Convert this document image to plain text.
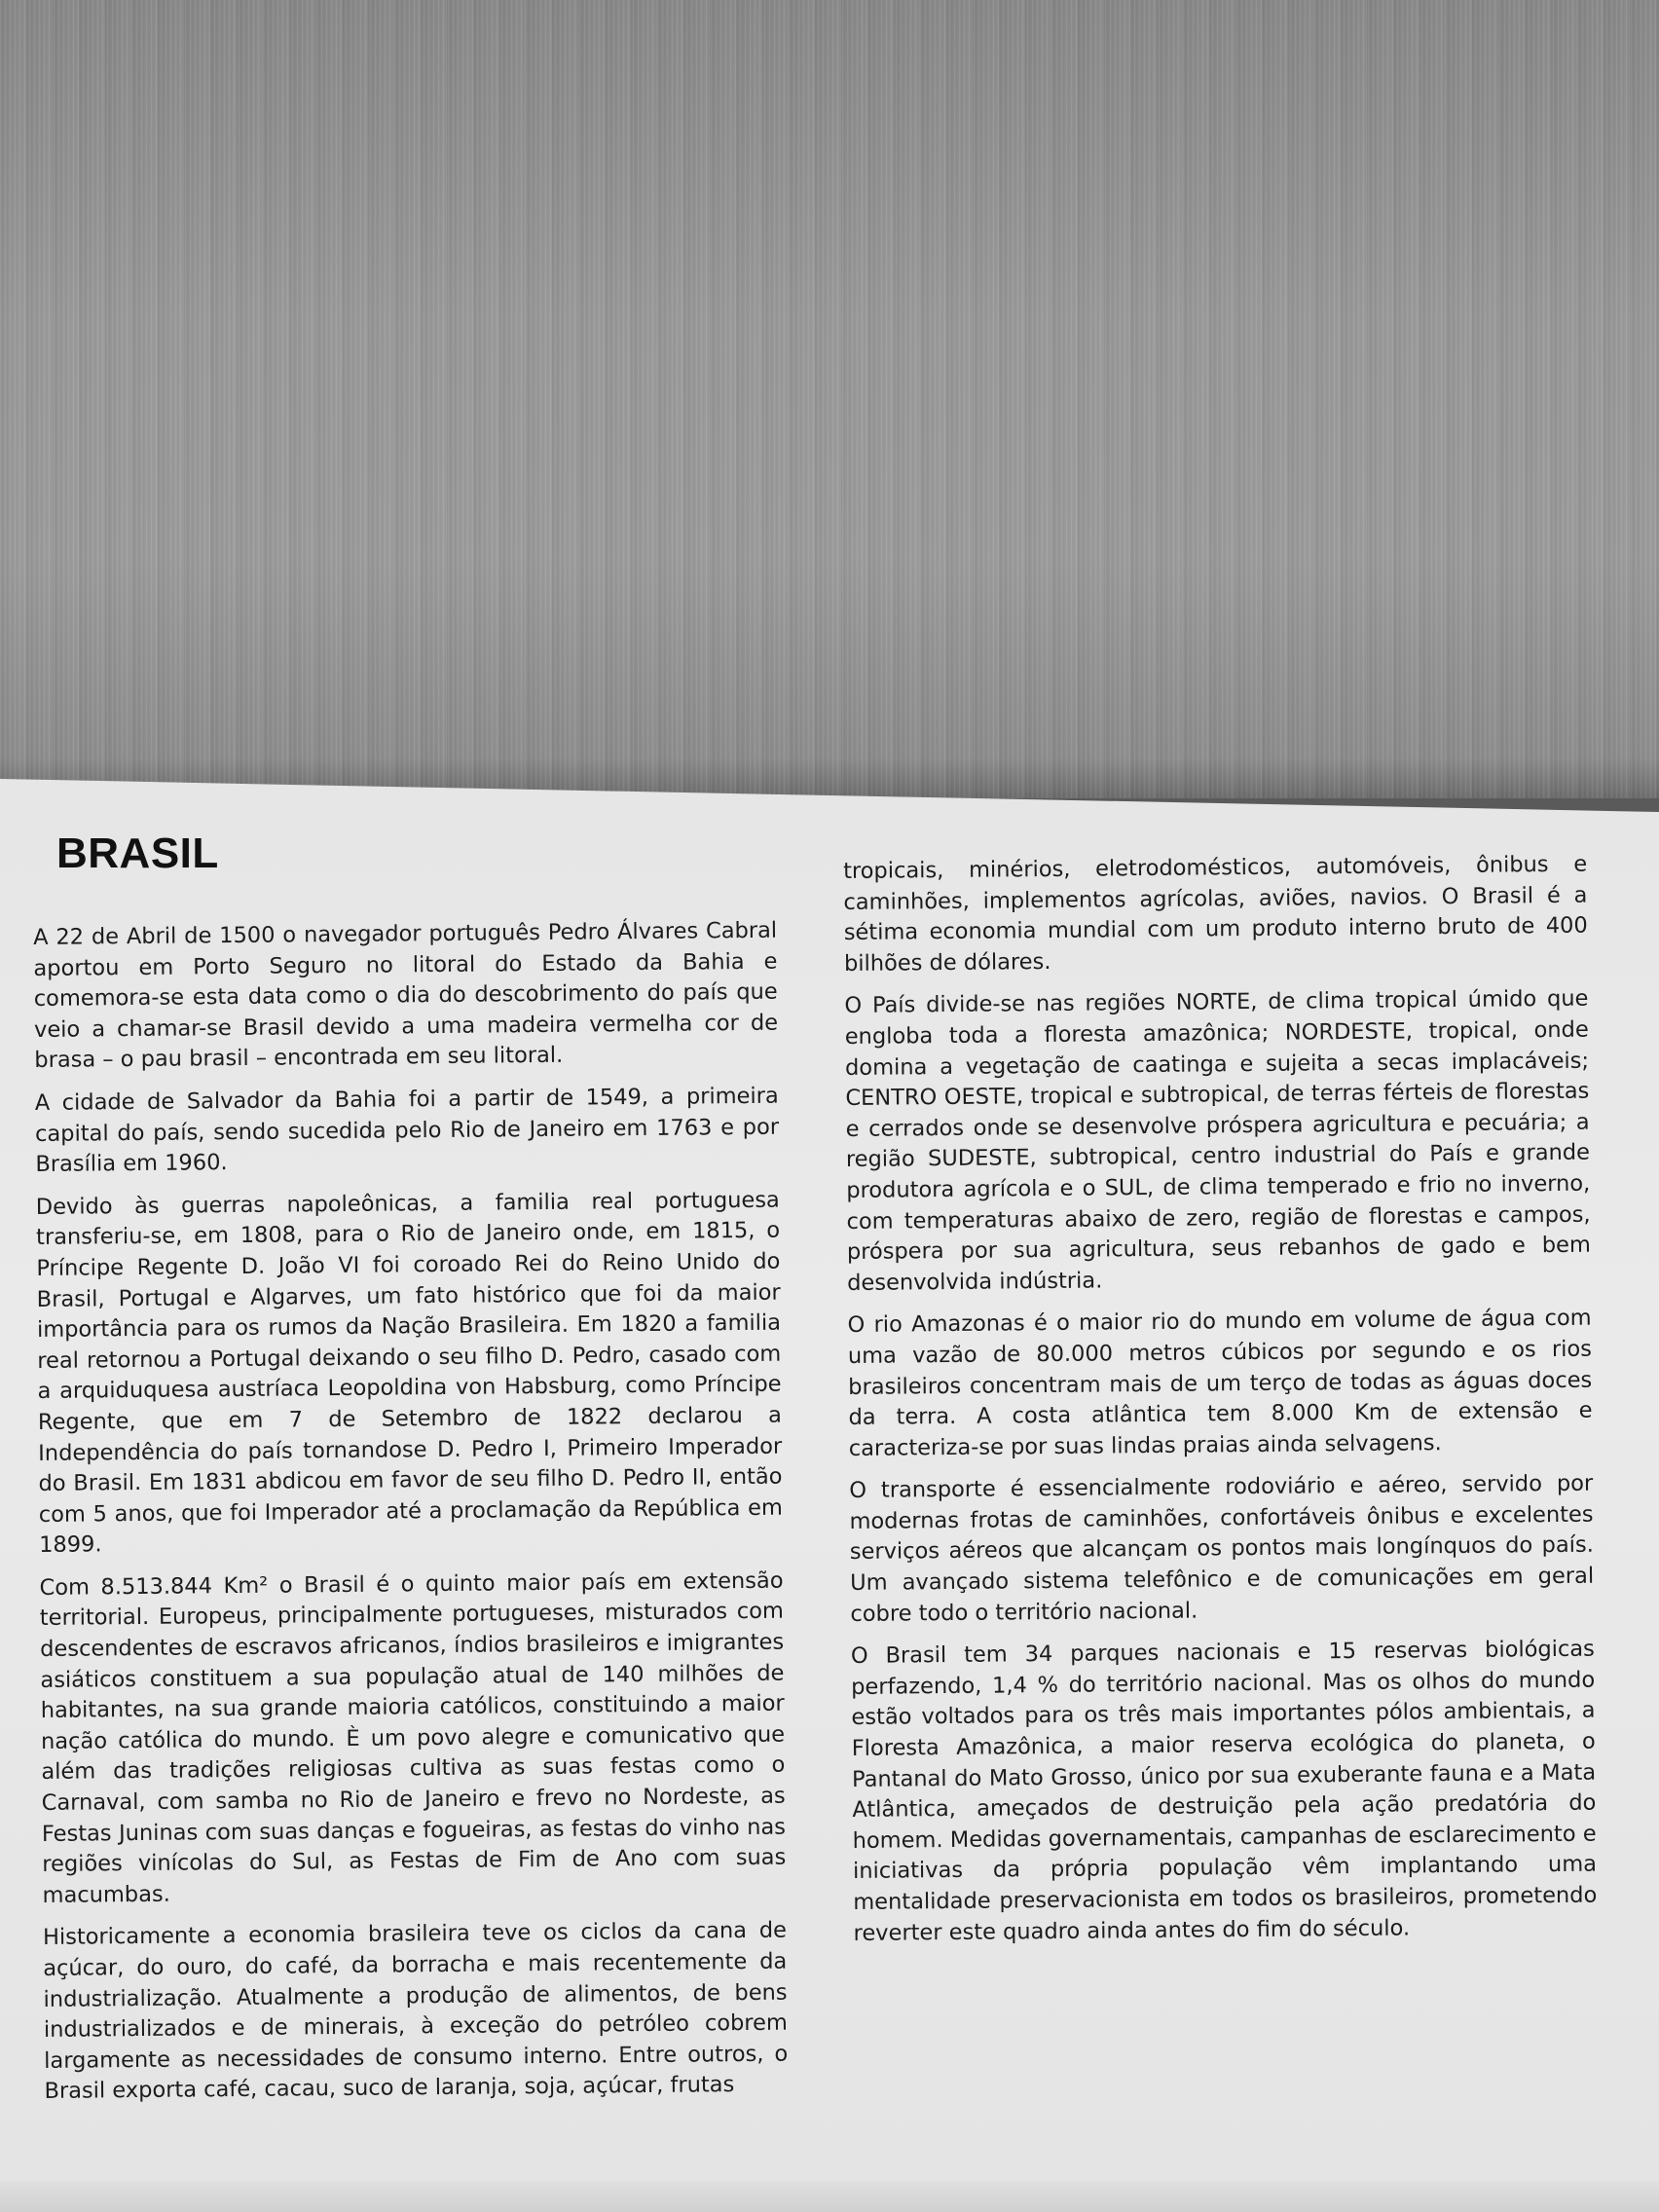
BRASIL

A 22 de Abril de 1500 o navegador português Pedro Álvares Cabral aportou em Porto Seguro no litoral do Estado da Bahia e comemora-se esta data como o dia do descobrimento do país que veio a chamar-se Brasil devido a uma madeira vermelha cor de brasa – o pau brasil – encontrada em seu litoral.

A cidade de Salvador da Bahia foi a partir de 1549, a primeira capital do país, sendo sucedida pelo Rio de Janeiro em 1763 e por Brasília em 1960.

Devido às guerras napoleônicas, a familia real portuguesa transferiu-se, em 1808, para o Rio de Janeiro onde, em 1815, o Príncipe Regente D. João VI foi coroado Rei do Reino Unido do Brasil, Portugal e Algarves, um fato histórico que foi da maior importância para os rumos da Nação Brasileira. Em 1820 a familia real retornou a Portugal deixando o seu filho D. Pedro, casado com a arquiduquesa austríaca Leopoldina von Habsburg, como Príncipe Regente, que em 7 de Setembro de 1822 declarou a Independência do país tornandose D. Pedro I, Primeiro Imperador do Brasil. Em 1831 abdicou em favor de seu filho D. Pedro II, então com 5 anos, que foi Imperador até a proclamação da República em 1899.

Com 8.513.844 Km² o Brasil é o quinto maior país em extensão territorial. Europeus, principalmente portugueses, misturados com descendentes de escravos africanos, índios brasileiros e imigrantes asiáticos constituem a sua população atual de 140 milhões de habitantes, na sua grande maioria católicos, constituindo a maior nação católica do mundo. È um povo alegre e comunicativo que além das tradições religiosas cultiva as suas festas como o Carnaval, com samba no Rio de Janeiro e frevo no Nordeste, as Festas Juninas com suas danças e fogueiras, as festas do vinho nas regiões vinícolas do Sul, as Festas de Fim de Ano com suas macumbas.

Historicamente a economia brasileira teve os ciclos da cana de açúcar, do ouro, do café, da borracha e mais recentemente da industrialização. Atualmente a produção de alimentos, de bens industrializados e de minerais, à exceção do petróleo cobrem largamente as necessidades de consumo interno. Entre outros, o Brasil exporta café, cacau, suco de laranja, soja, açúcar, frutas

tropicais, minérios, eletrodomésticos, automóveis, ônibus e caminhões, implementos agrícolas, aviões, navios. O Brasil é a sétima economia mundial com um produto interno bruto de 400 bilhões de dólares.

O País divide-se nas regiões NORTE, de clima tropical úmido que engloba toda a floresta amazônica; NORDESTE, tropical, onde domina a vegetação de caatinga e sujeita a secas implacáveis; CENTRO OESTE, tropical e subtropical, de terras férteis de florestas e cerrados onde se desenvolve próspera agricultura e pecuária; a região SUDESTE, subtropical, centro industrial do País e grande produtora agrícola e o SUL, de clima temperado e frio no inverno, com temperaturas abaixo de zero, região de florestas e campos, próspera por sua agricultura, seus rebanhos de gado e bem desenvolvida indústria.

O rio Amazonas é o maior rio do mundo em volume de água com uma vazão de 80.000 metros cúbicos por segundo e os rios brasileiros concentram mais de um terço de todas as águas doces da terra. A costa atlântica tem 8.000 Km de extensão e caracteriza-se por suas lindas praias ainda selvagens.

O transporte é essencialmente rodoviário e aéreo, servido por modernas frotas de caminhões, confortáveis ônibus e excelentes serviços aéreos que alcançam os pontos mais longínquos do país. Um avançado sistema telefônico e de comunicações em geral cobre todo o território nacional.

O Brasil tem 34 parques nacionais e 15 reservas biológicas perfazendo, 1,4 % do território nacional. Mas os olhos do mundo estão voltados para os três mais importantes pólos ambientais, a Floresta Amazônica, a maior reserva ecológica do planeta, o Pantanal do Mato Grosso, único por sua exuberante fauna e a Mata Atlântica, ameçados de destruição pela ação predatória do homem. Medidas governamentais, campanhas de esclarecimento e iniciativas da própria população vêm implantando uma mentalidade preservacionista em todos os brasileiros, prometendo reverter este quadro ainda antes do fim do século.
